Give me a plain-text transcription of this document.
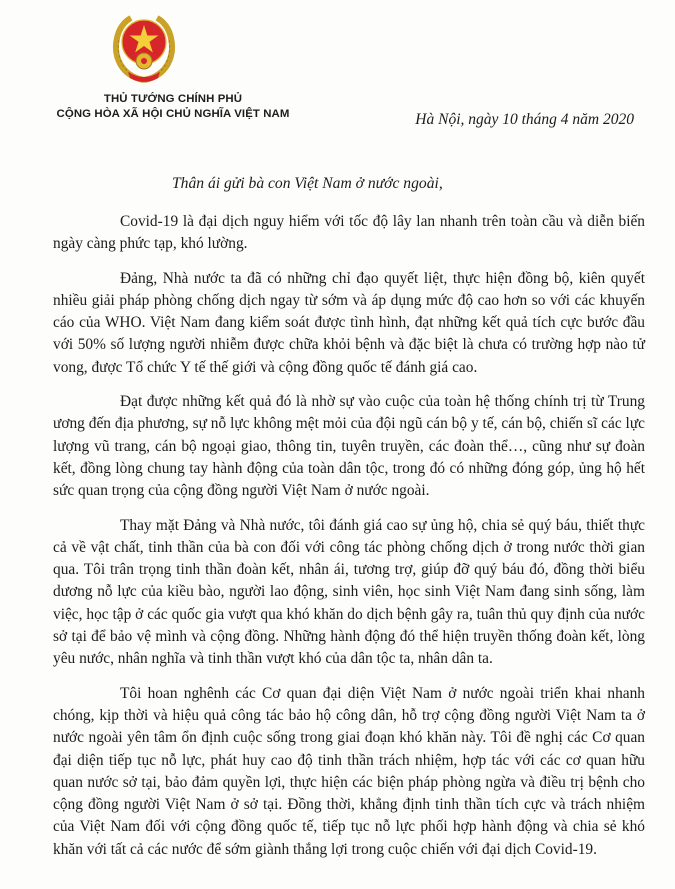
THỦ TƯỚNG CHÍNH PHỦ
CỘNG HÒA XÃ HỘI CHỦ NGHĨA VIỆT NAM	Hà Nội, ngày 10 tháng 4 năm 2020
Thân ái gửi bà con Việt Nam ở nước ngoài,

Covid-19 là đại dịch nguy hiểm với tốc độ lây lan nhanh trên toàn cầu và diễn biến ngày càng phức tạp, khó lường.

Đảng, Nhà nước ta đã có những chỉ đạo quyết liệt, thực hiện đồng bộ, kiên quyết nhiều giải pháp phòng chống dịch ngay từ sớm và áp dụng mức độ cao hơn so với các khuyến cáo của WHO. Việt Nam đang kiểm soát được tình hình, đạt những kết quả tích cực bước đầu với 50% số lượng người nhiễm được chữa khỏi bệnh và đặc biệt là chưa có trường hợp nào tử vong, được Tổ chức Y tế thế giới và cộng đồng quốc tế đánh giá cao.

Đạt được những kết quả đó là nhờ sự vào cuộc của toàn hệ thống chính trị từ Trung ương đến địa phương, sự nỗ lực không mệt mỏi của đội ngũ cán bộ y tế, cán bộ, chiến sĩ các lực lượng vũ trang, cán bộ ngoại giao, thông tin, tuyên truyền, các đoàn thể…, cũng như sự đoàn kết, đồng lòng chung tay hành động của toàn dân tộc, trong đó có những đóng góp, ủng hộ hết sức quan trọng của cộng đồng người Việt Nam ở nước ngoài.

Thay mặt Đảng và Nhà nước, tôi đánh giá cao sự ủng hộ, chia sẻ quý báu, thiết thực cả về vật chất, tinh thần của bà con đối với công tác phòng chống dịch ở trong nước thời gian qua. Tôi trân trọng tinh thần đoàn kết, nhân ái, tương trợ, giúp đỡ quý báu đó, đồng thời biểu dương nỗ lực của kiều bào, người lao động, sinh viên, học sinh Việt Nam đang sinh sống, làm việc, học tập ở các quốc gia vượt qua khó khăn do dịch bệnh gây ra, tuân thủ quy định của nước sở tại để bảo vệ mình và cộng đồng. Những hành động đó thể hiện truyền thống đoàn kết, lòng yêu nước, nhân nghĩa và tinh thần vượt khó của dân tộc ta, nhân dân ta.

Tôi hoan nghênh các Cơ quan đại diện Việt Nam ở nước ngoài triển khai nhanh chóng, kịp thời và hiệu quả công tác bảo hộ công dân, hỗ trợ cộng đồng người Việt Nam ta ở nước ngoài yên tâm ổn định cuộc sống trong giai đoạn khó khăn này. Tôi đề nghị các Cơ quan đại diện tiếp tục nỗ lực, phát huy cao độ tinh thần trách nhiệm, hợp tác với các cơ quan hữu quan nước sở tại, bảo đảm quyền lợi, thực hiện các biện pháp phòng ngừa và điều trị bệnh cho cộng đồng người Việt Nam ở sở tại. Đồng thời, khẳng định tinh thần tích cực và trách nhiệm của Việt Nam đối với cộng đồng quốc tế, tiếp tục nỗ lực phối hợp hành động và chia sẻ khó khăn với tất cả các nước để sớm giành thắng lợi trong cuộc chiến với đại dịch Covid-19.
